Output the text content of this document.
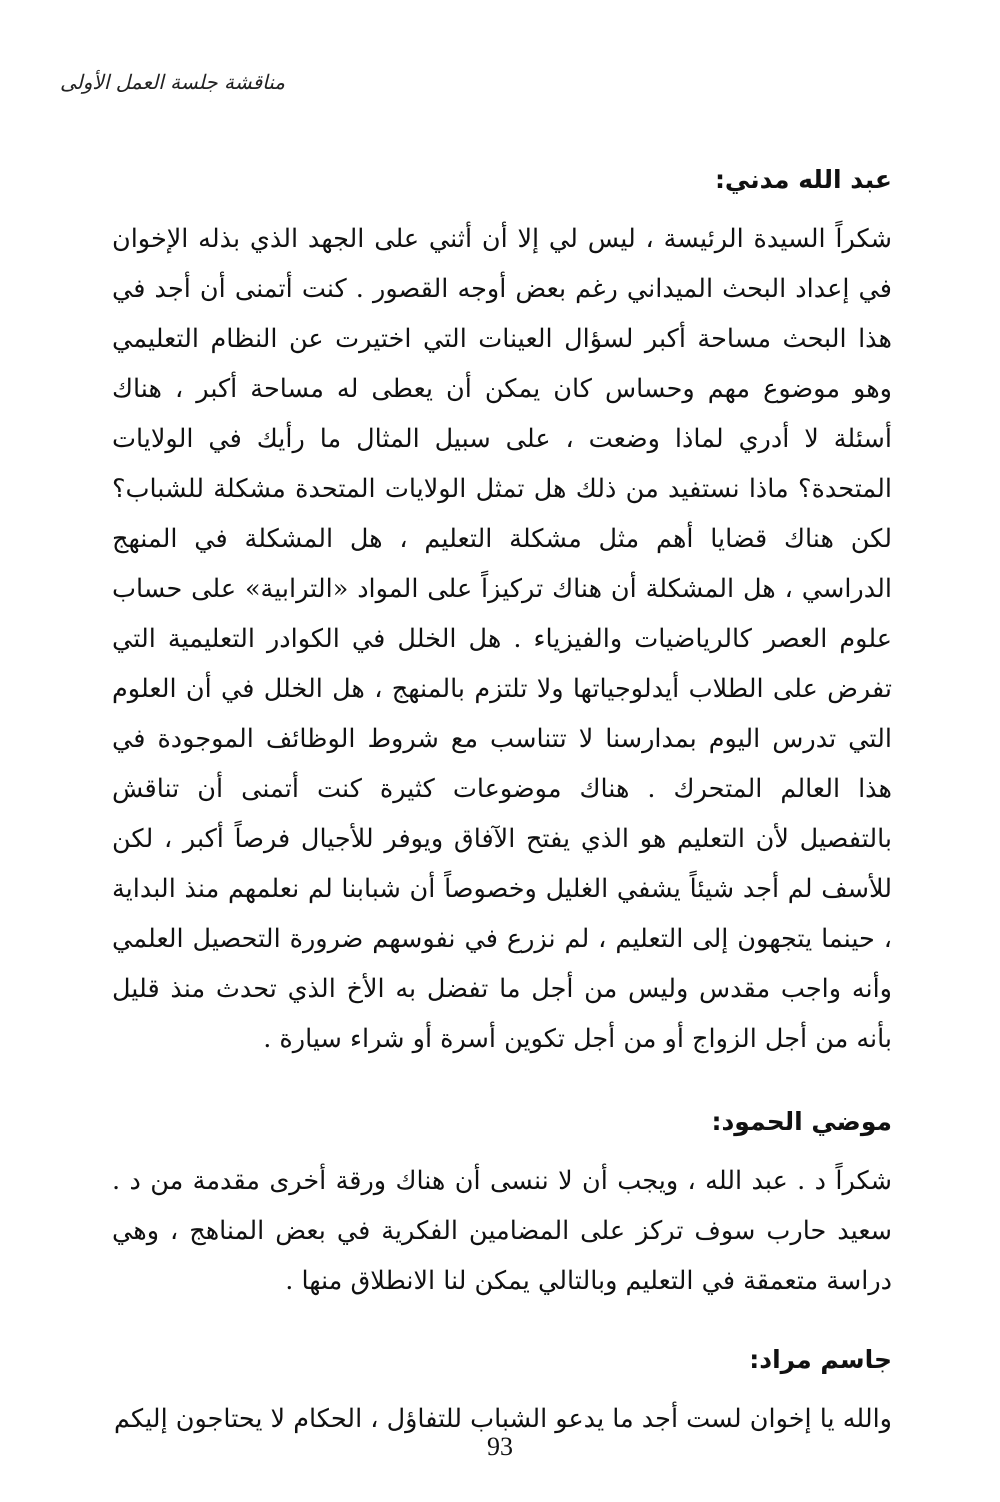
مناقشة جلسة العمل الأولى
عبد الله مدني:

شكراً السيدة الرئيسة ، ليس لي إلا أن أثني على الجهد الذي بذله الإخوان في إعداد البحث الميداني رغم بعض أوجه القصور . كنت أتمنى أن أجد في هذا البحث مساحة أكبر لسؤال العينات التي اختيرت عن النظام التعليمي وهو موضوع مهم وحساس كان يمكن أن يعطى له مساحة أكبر ، هناك أسئلة لا أدري لماذا وضعت ، على سبيل المثال ما رأيك في الولايات المتحدة؟ ماذا نستفيد من ذلك هل تمثل الولايات المتحدة مشكلة للشباب؟ لكن هناك قضايا أهم مثل مشكلة التعليم ، هل المشكلة في المنهج الدراسي ، هل المشكلة أن هناك تركيزاً على المواد «الترابية» على حساب علوم العصر كالرياضيات والفيزياء . هل الخلل في الكوادر التعليمية التي تفرض على الطلاب أيدلوجياتها ولا تلتزم بالمنهج ، هل الخلل في أن العلوم التي تدرس اليوم بمدارسنا لا تتناسب مع شروط الوظائف الموجودة في هذا العالم المتحرك . هناك موضوعات كثيرة كنت أتمنى أن تناقش بالتفصيل لأن التعليم هو الذي يفتح الآفاق ويوفر للأجيال فرصاً أكبر ، لكن للأسف لم أجد شيئاً يشفي الغليل وخصوصاً أن شبابنا لم نعلمهم منذ البداية ، حينما يتجهون إلى التعليم ، لم نزرع في نفوسهم ضرورة التحصيل العلمي وأنه واجب مقدس وليس من أجل ما تفضل به الأخ الذي تحدث منذ قليل بأنه من أجل الزواج أو من أجل تكوين أسرة أو شراء سيارة .

موضي الحمود:

شكراً د . عبد الله ، ويجب أن لا ننسى أن هناك ورقة أخرى مقدمة من د . سعيد حارب سوف تركز على المضامين الفكرية في بعض المناهج ، وهي دراسة متعمقة في التعليم وبالتالي يمكن لنا الانطلاق منها .

جاسم مراد:

والله يا إخوان لست أجد ما يدعو الشباب للتفاؤل ، الحكام لا يحتاجون إليكم

93
